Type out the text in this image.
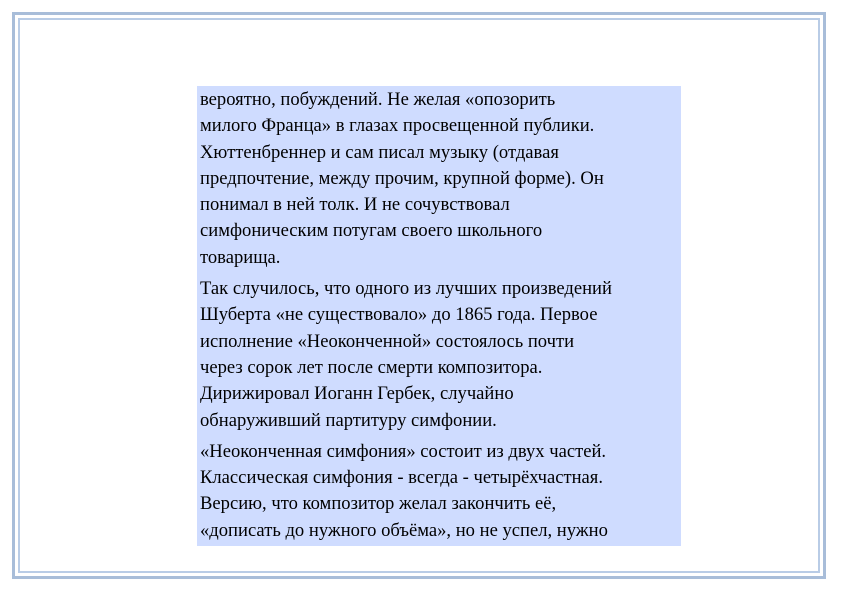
вероятно, побуждений. Не желая «опозорить
милого Франца» в глазах просвещенной публики.
Хюттенбреннер и сам писал музыку (отдавая
предпочтение, между прочим, крупной форме). Он
понимал в ней толк. И не сочувствовал
симфоническим потугам своего школьного
товарища.

Так случилось, что одного из лучших произведений
Шуберта «не существовало» до 1865 года. Первое
исполнение «Неоконченной» состоялось почти
через сорок лет после смерти композитора.
Дирижировал Иоганн Гербек, случайно
обнаруживший партитуру симфонии.

«Неоконченная симфония» состоит из двух частей.
Классическая симфония - всегда - четырёхчастная.
Версию, что композитор желал закончить её,
«дописать до нужного объёма», но не успел, нужно
